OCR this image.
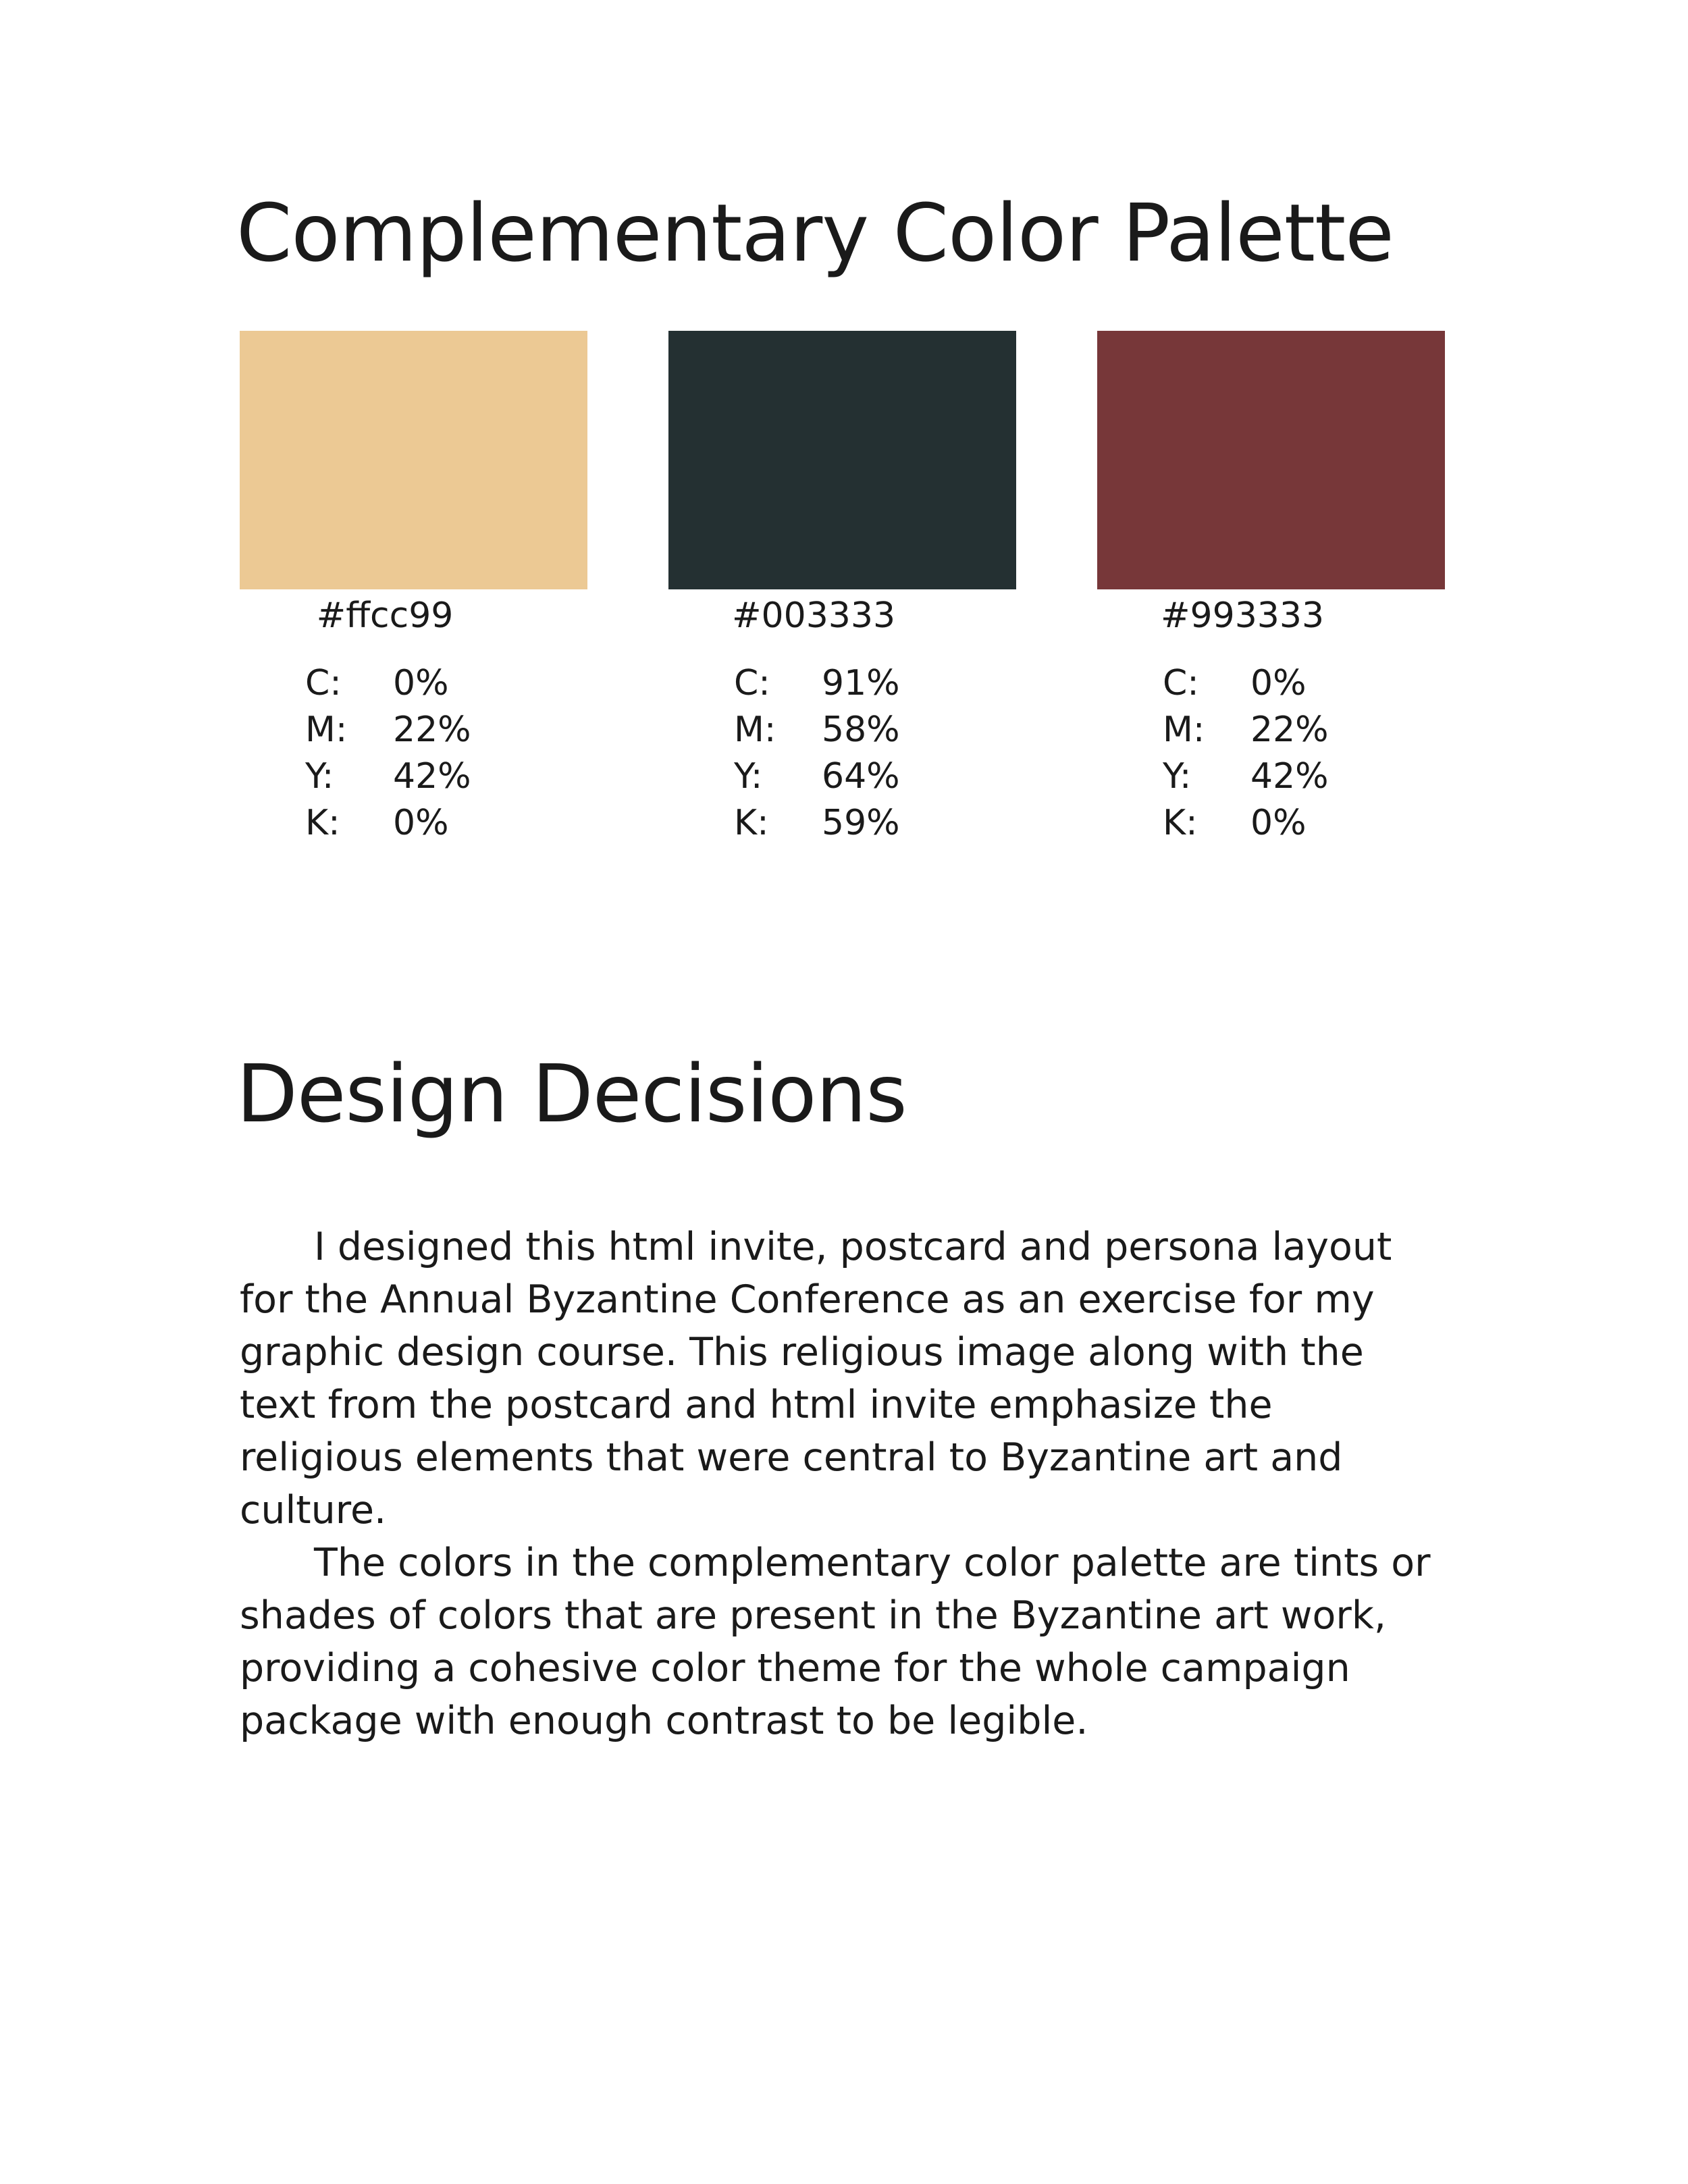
Complementary Color Palette
#ffcc99
C: 0%
M: 22%
Y: 42%
K: 0%
#003333
C: 91%
M: 58%
Y: 64%
K: 59%
#993333
C: 0%
M: 22%
Y: 42%
K: 0%
Design Decisions

I designed this html invite, postcard and persona layout for the Annual Byzantine Conference as an exercise for my graphic design course. This religious image along with the text from the postcard and html invite emphasize the religious elements that were central to Byzantine art and culture.

The colors in the complementary color palette are tints or shades of colors that are present in the Byzantine art work, providing a cohesive color theme for the whole campaign package with enough contrast to be legible.
